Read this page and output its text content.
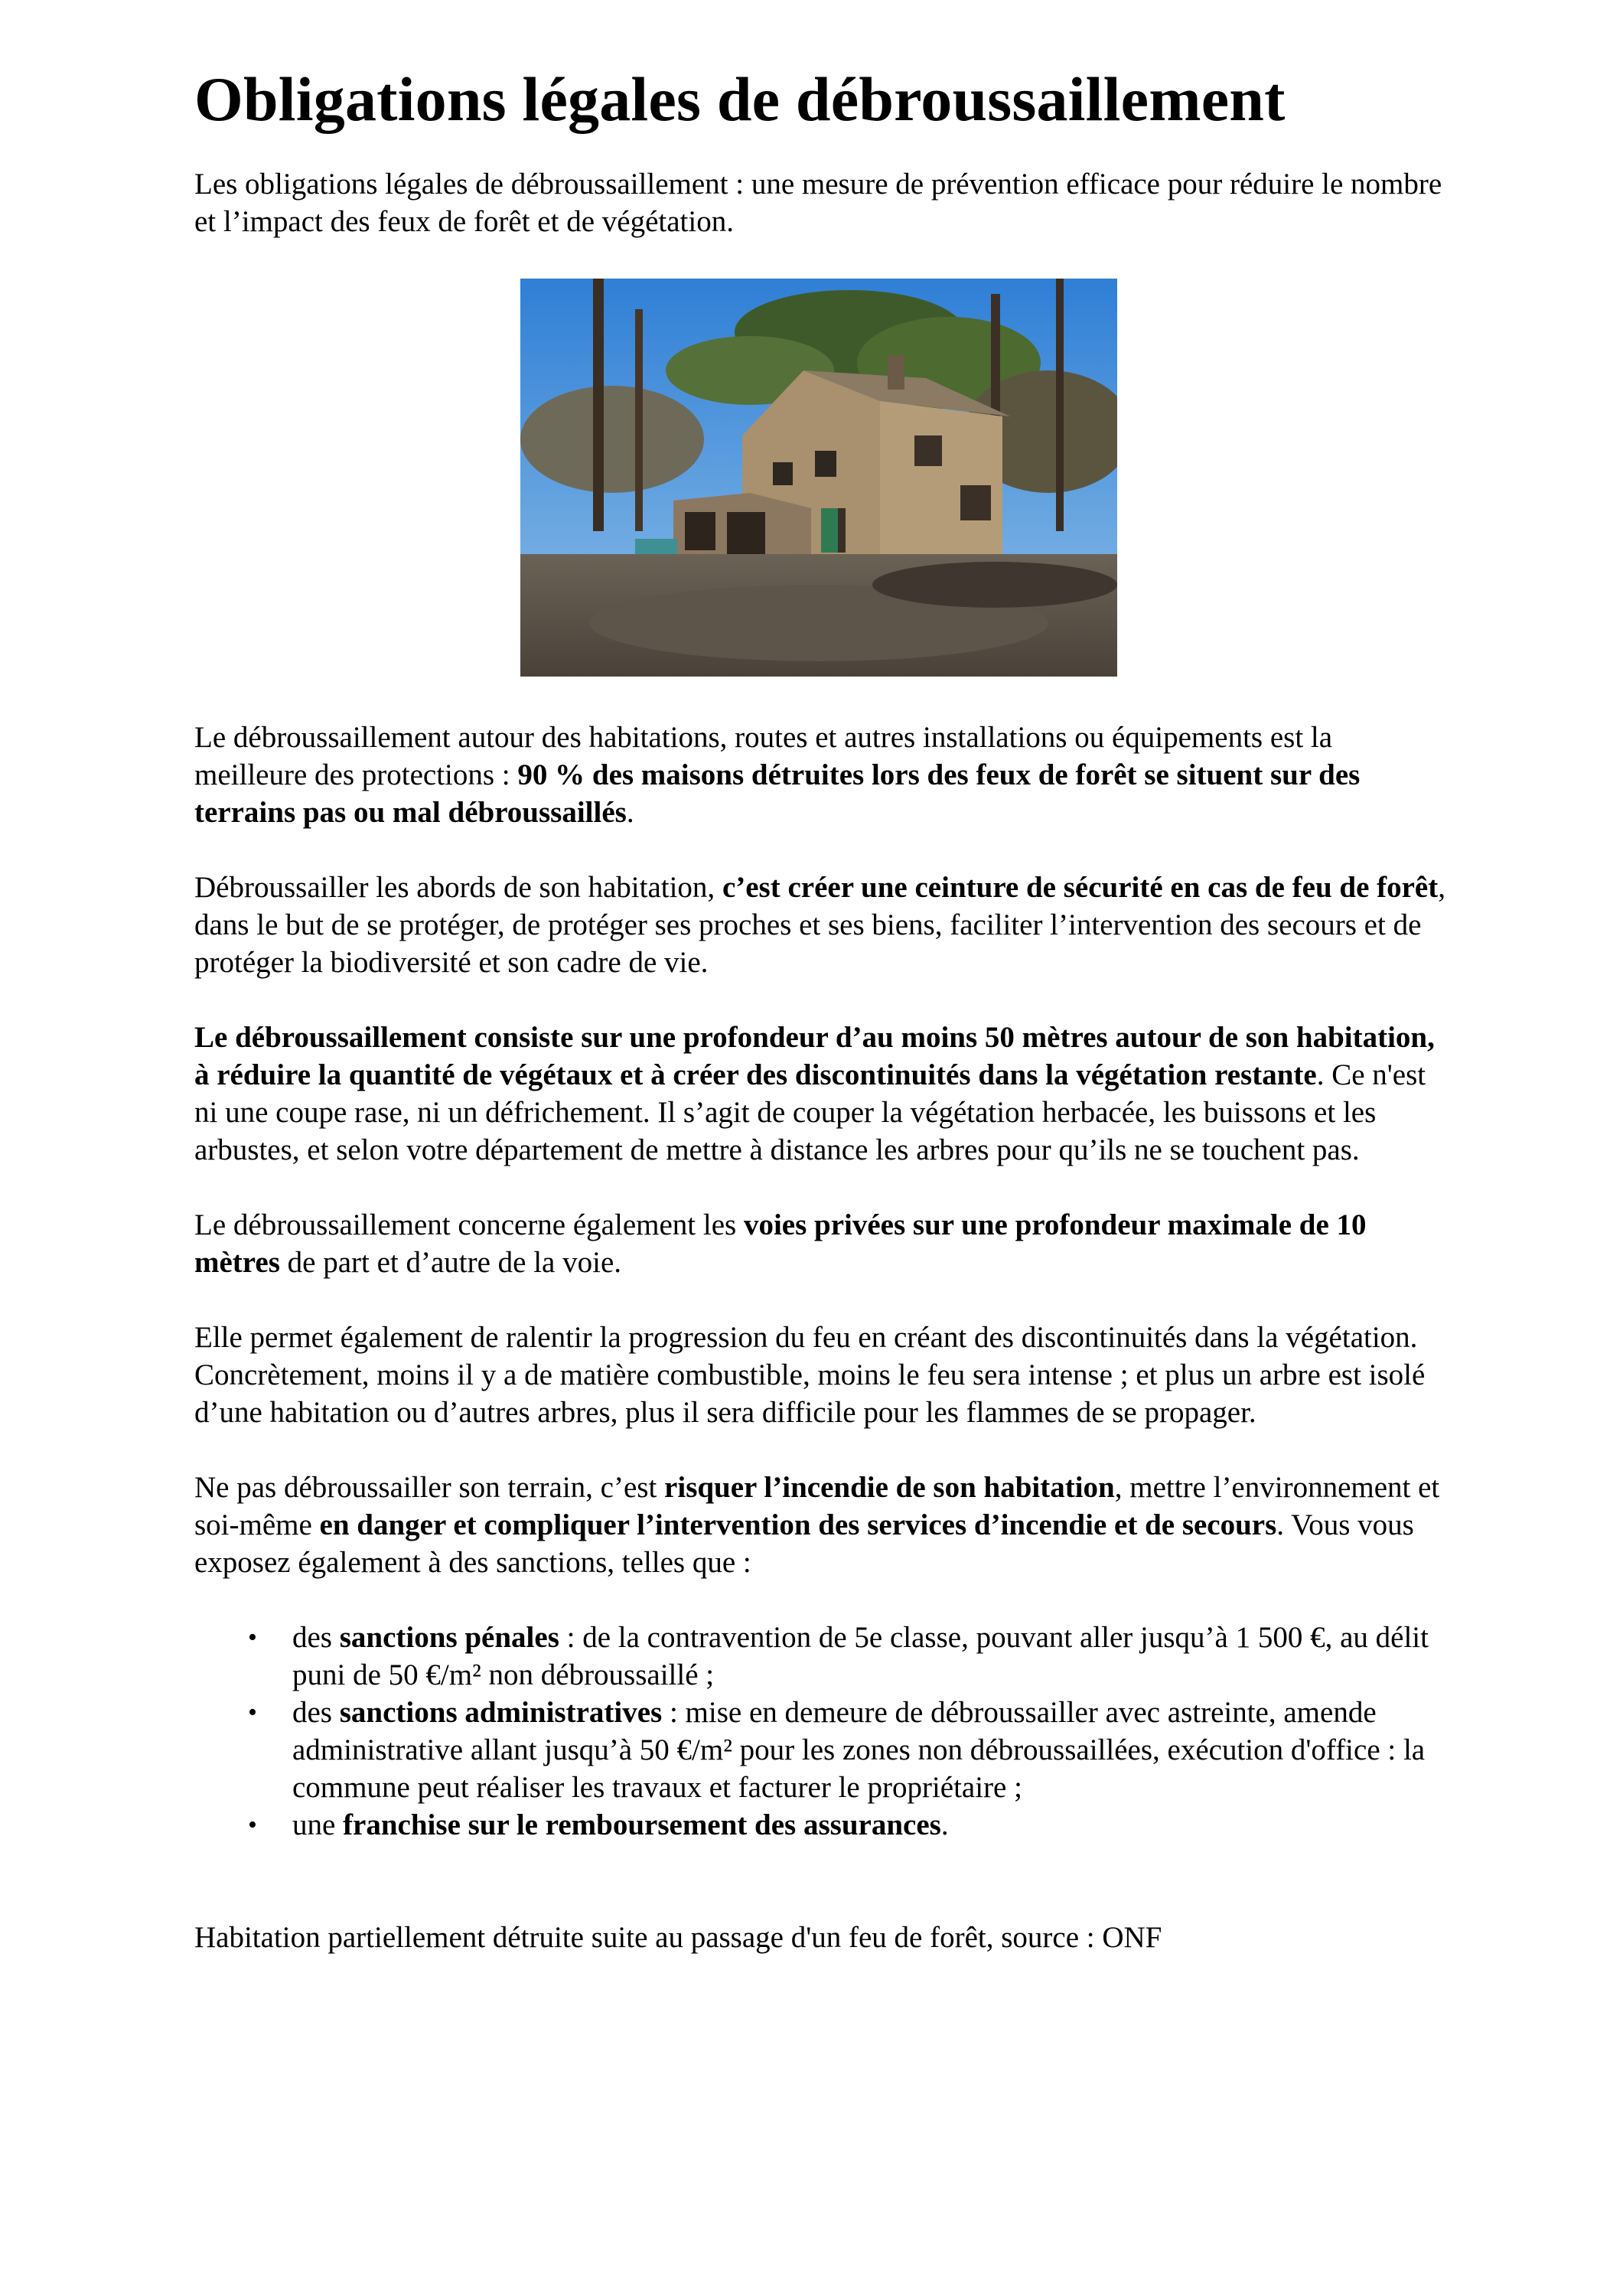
Obligations légales de débroussaillement

Les obligations légales de débroussaillement : une mesure de prévention efficace pour réduire le nombre et l’impact des feux de forêt et de végétation.

Le débroussaillement autour des habitations, routes et autres installations ou équipements est la meilleure des protections : 90 % des maisons détruites lors des feux de forêt se situent sur des terrains pas ou mal débroussaillés.

Débroussailler les abords de son habitation, c’est créer une ceinture de sécurité en cas de feu de forêt, dans le but de se protéger, de protéger ses proches et ses biens, faciliter l’intervention des secours et de protéger la biodiversité et son cadre de vie.

Le débroussaillement consiste sur une profondeur d’au moins 50 mètres autour de son habitation, à réduire la quantité de végétaux et à créer des discontinuités dans la végétation restante. Ce n'est ni une coupe rase, ni un défrichement. Il s’agit de couper la végétation herbacée, les buissons et les arbustes, et selon votre département de mettre à distance les arbres pour qu’ils ne se touchent pas.

Le débroussaillement concerne également les voies privées sur une profondeur maximale de 10 mètres de part et d’autre de la voie.

Elle permet également de ralentir la progression du feu en créant des discontinuités dans la végétation. Concrètement, moins il y a de matière combustible, moins le feu sera intense ; et plus un arbre est isolé d’une habitation ou d’autres arbres, plus il sera difficile pour les flammes de se propager.

Ne pas débroussailler son terrain, c’est risquer l’incendie de son habitation, mettre l’environnement et soi-même en danger et compliquer l’intervention des services d’incendie et de secours. Vous vous exposez également à des sanctions, telles que :

• des sanctions pénales : de la contravention de 5e classe, pouvant aller jusqu’à 1 500 €, au délit puni de 50 €/m² non débroussaillé ;
• des sanctions administratives : mise en demeure de débroussailler avec astreinte, amende administrative allant jusqu’à 50 €/m² pour les zones non débroussaillées, exécution d'office : la commune peut réaliser les travaux et facturer le propriétaire ;
• une franchise sur le remboursement des assurances.

Habitation partiellement détruite suite au passage d'un feu de forêt, source : ONF
